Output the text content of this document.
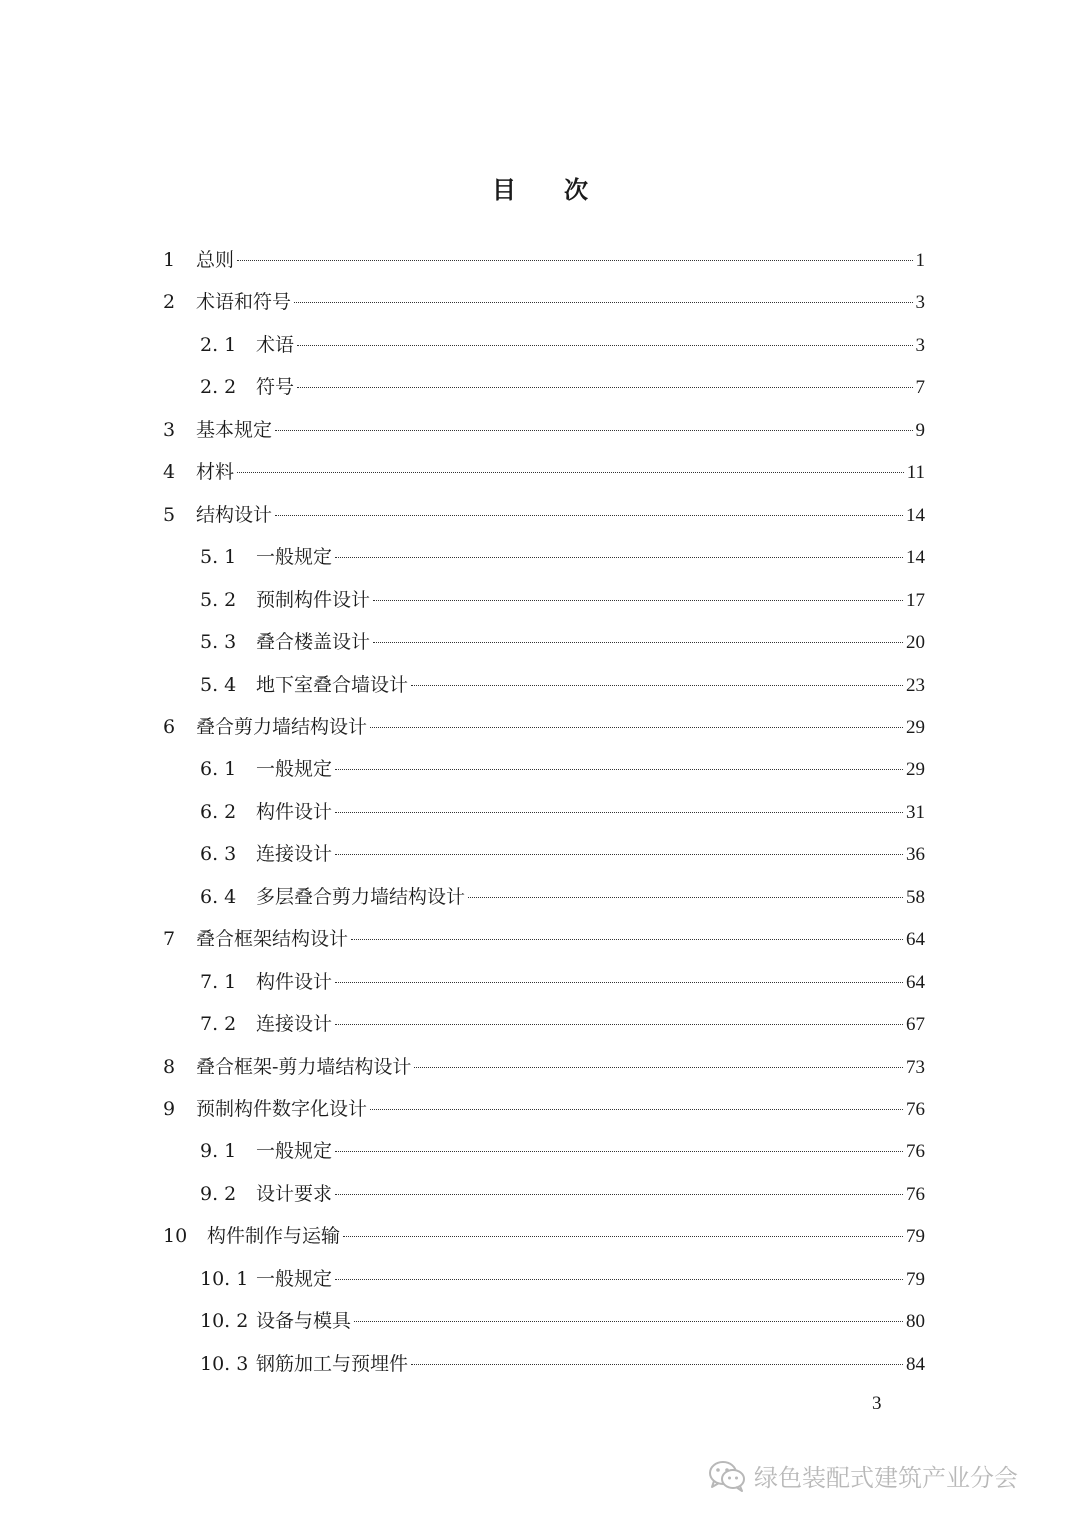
目　　次
1	总则	1
2	术语和符号	3
2. 1	术语	3
2. 2	符号	7
3	基本规定	9
4	材料	11
5	结构设计	14
5. 1	一般规定	14
5. 2	预制构件设计	17
5. 3	叠合楼盖设计	20
5. 4	地下室叠合墙设计	23
6	叠合剪力墙结构设计	29
6. 1	一般规定	29
6. 2	构件设计	31
6. 3	连接设计	36
6. 4	多层叠合剪力墙结构设计	58
7	叠合框架结构设计	64
7. 1	构件设计	64
7. 2	连接设计	67
8	叠合框架-剪力墙结构设计	73
9	预制构件数字化设计	76
9. 1	一般规定	76
9. 2	设计要求	76
10	构件制作与运输	79
10. 1 一般规定	79
10. 2 设备与模具	80
10. 3 钢筋加工与预埋件	84
3
绿色装配式建筑产业分会
